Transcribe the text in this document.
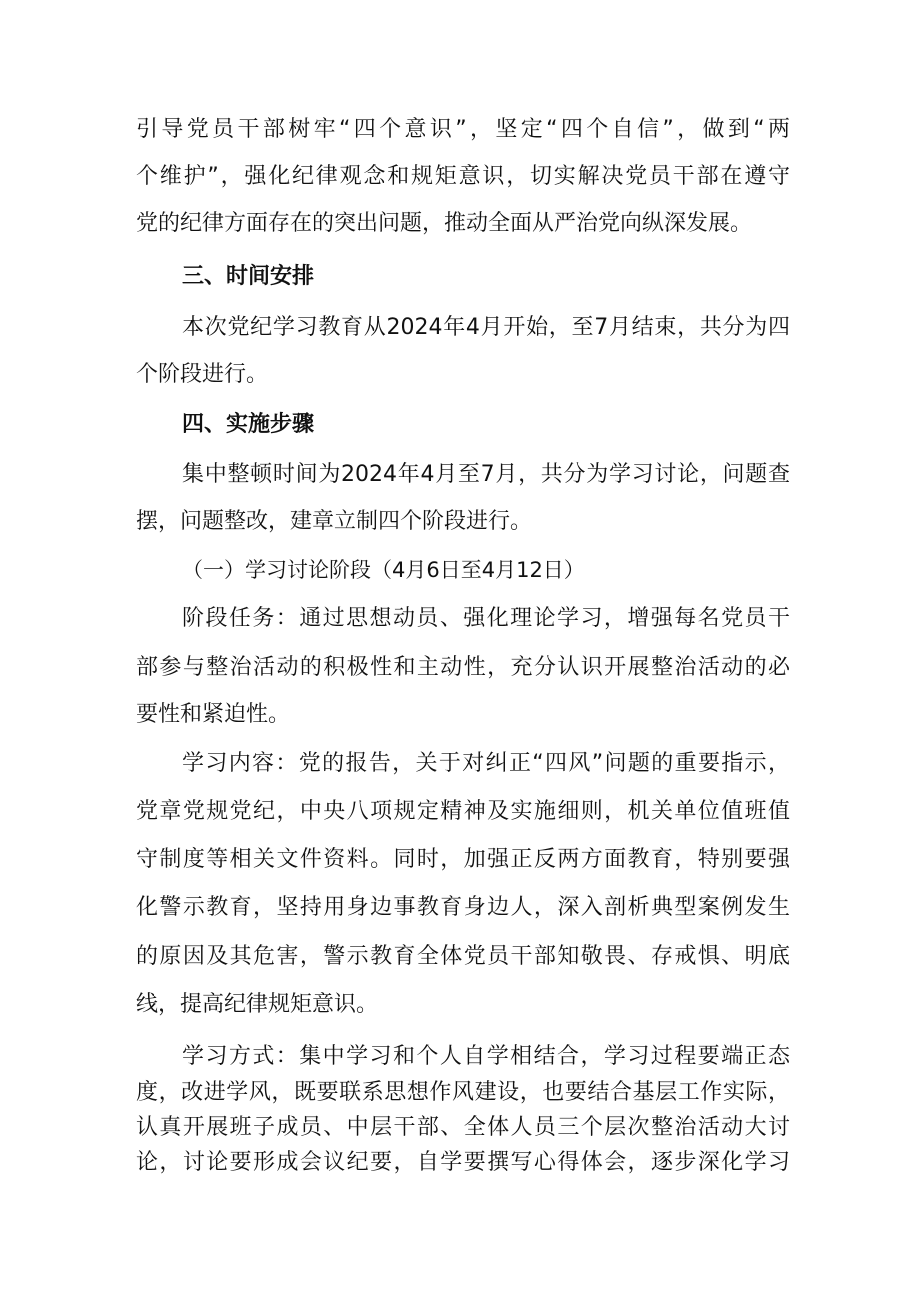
引导党员干部树牢“四个意识”，坚定“四个自信”，做到“两
个维护”，强化纪律观念和规矩意识，切实解决党员干部在遵守
党的纪律方面存在的突出问题，推动全面从严治党向纵深发展。
三、时间安排
本次党纪学习教育从2024年4月开始，至7月结束，共分为四
个阶段进行。
四、实施步骤
集中整顿时间为2024年4月至7月，共分为学习讨论，问题查
摆，问题整改，建章立制四个阶段进行。
（一）学习讨论阶段（4月6日至4月12日）
阶段任务：通过思想动员、强化理论学习，增强每名党员干
部参与整治活动的积极性和主动性，充分认识开展整治活动的必
要性和紧迫性。
学习内容：党的报告，关于对纠正“四风”问题的重要指示，
党章党规党纪，中央八项规定精神及实施细则，机关单位值班值
守制度等相关文件资料。同时，加强正反两方面教育，特别要强
化警示教育，坚持用身边事教育身边人，深入剖析典型案例发生
的原因及其危害，警示教育全体党员干部知敬畏、存戒惧、明底
线，提高纪律规矩意识。
学习方式：集中学习和个人自学相结合，学习过程要端正态
度，改进学风，既要联系思想作风建设，也要结合基层工作实际，
认真开展班子成员、中层干部、全体人员三个层次整治活动大讨
论，讨论要形成会议纪要，自学要撰写心得体会，逐步深化学习
